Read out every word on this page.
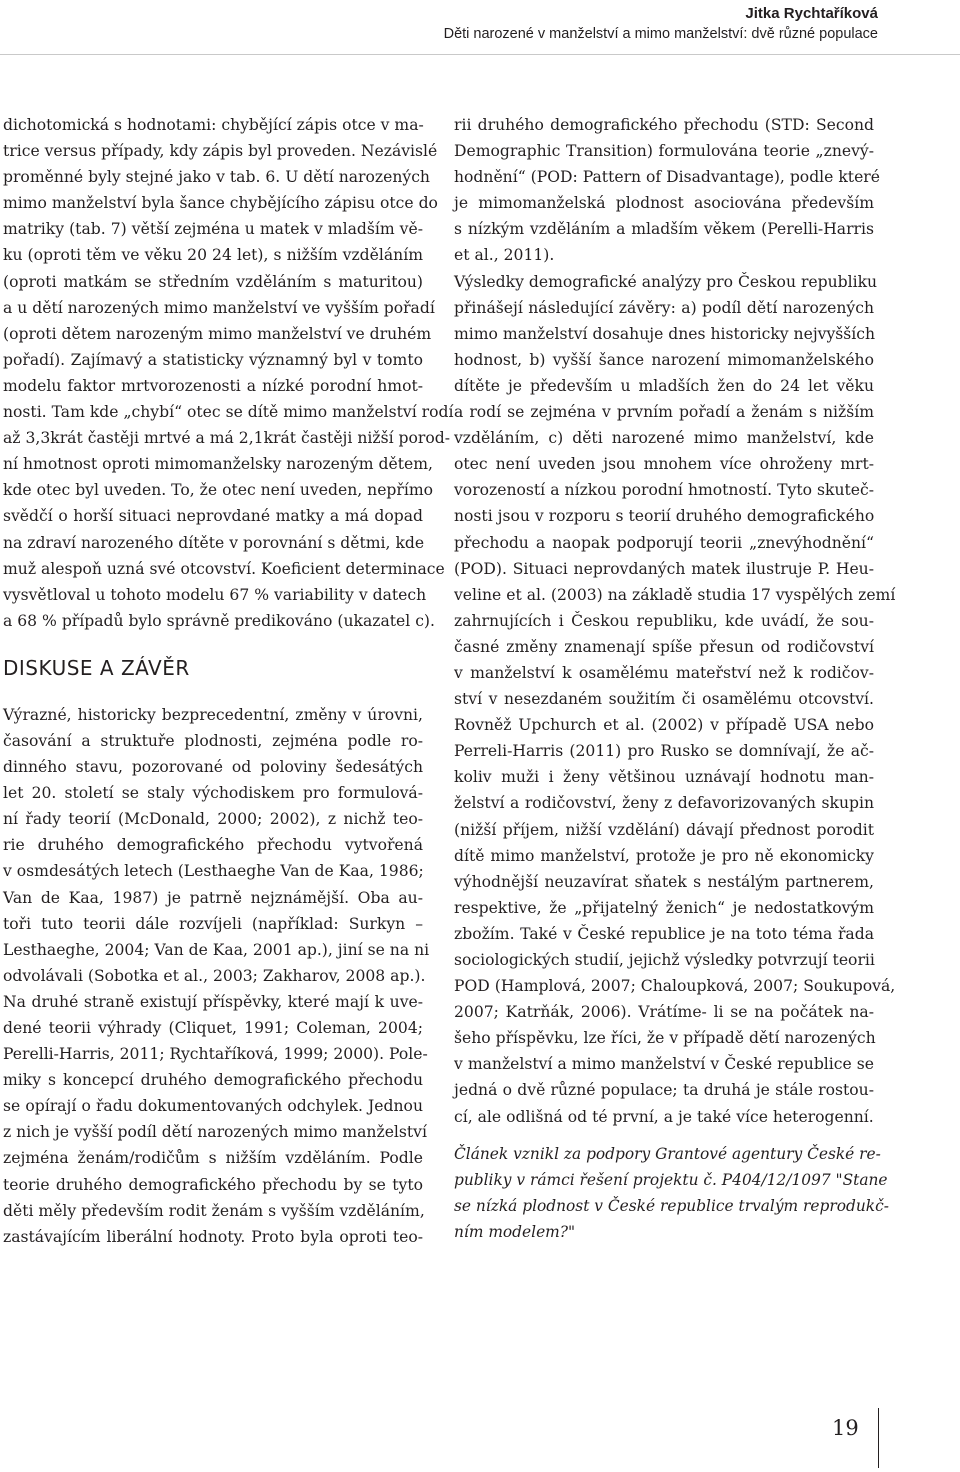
Jitka Rychtaříková
Děti narozené v manželství a mimo manželství: dvě různé populace
dichotomická s hodnotami: chybějící zápis otce v ma-
trice versus případy, kdy zápis byl proveden. Nezávislé
proměnné byly stejné jako v tab. 6. U dětí narozených
mimo manželství byla šance chybějícího zápisu otce do
matriky (tab. 7) větší zejména u matek v mladším vě-
ku (oproti těm ve věku 20 24 let), s nižším vzděláním
(oproti matkám se středním vzděláním s maturitou)
a u dětí narozených mimo manželství ve vyšším pořadí
(oproti dětem narozeným mimo manželství ve druhém
pořadí). Zajímavý a statisticky významný byl v tomto
modelu faktor mrtvorozenosti a nízké porodní hmot-
nosti. Tam kde „chybí“ otec se dítě mimo manželství rodí
až 3,3krát častěji mrtvé a má 2,1krát častěji nižší porod-
ní hmotnost oproti mimomanželsky narozeným dětem,
kde otec byl uveden. To, že otec není uveden, nepřímo
svědčí o horší situaci neprovdané matky a má dopad
na zdraví narozeného dítěte v porovnání s dětmi, kde
muž alespoň uzná své otcovství. Koeficient determinace
vysvětloval u tohoto modelu 67 % variability v datech
a 68 % případů bylo správně predikováno (ukazatel c).
DISKUSE A ZÁVĚR
Výrazné, historicky bezprecedentní, změny v úrovni,
časování a struktuře plodnosti, zejména podle ro-
dinného stavu, pozorované od poloviny šedesátých
let 20. století se staly východiskem pro formulová-
ní řady teorií (McDonald, 2000; 2002), z nichž teo-
rie druhého demografického přechodu vytvořená
v osmdesátých letech (Lesthaeghe Van de Kaa, 1986;
Van de Kaa, 1987) je patrně nejznámější. Oba au-
toři tuto teorii dále rozvíjeli (například: Surkyn –
Lesthaeghe, 2004; Van de Kaa, 2001 ap.), jiní se na ni
odvolávali (Sobotka et al., 2003; Zakharov, 2008 ap.).
Na druhé straně existují příspěvky, které mají k uve-
dené teorii výhrady (Cliquet, 1991; Coleman, 2004;
Perelli-Harris, 2011; Rychtaříková, 1999; 2000). Pole-
miky s koncepcí druhého demografického přechodu
se opírají o řadu dokumentovaných odchylek. Jednou
z nich je vyšší podíl dětí narozených mimo manželství
zejména ženám/rodičům s nižším vzděláním. Podle
teorie druhého demografického přechodu by se tyto
děti měly především rodit ženám s vyšším vzděláním,
zastávajícím liberální hodnoty. Proto byla oproti teo-
rii druhého demografického přechodu (STD: Second
Demographic Transition) formulována teorie „znevý-
hodnění“ (POD: Pattern of Disadvantage), podle které
je mimomanželská plodnost asociována především
s nízkým vzděláním a mladším věkem (Perelli-Harris
et al., 2011).
Výsledky demografické analýzy pro Českou republiku
přinášejí následující závěry: a) podíl dětí narozených
mimo manželství dosahuje dnes historicky nejvyšších
hodnost, b) vyšší šance narození mimomanželského
dítěte je především u mladších žen do 24 let věku
a rodí se zejména v prvním pořadí a ženám s nižším
vzděláním, c) děti narozené mimo manželství, kde
otec není uveden jsou mnohem více ohroženy mrt-
vorozeností a nízkou porodní hmotností. Tyto skuteč-
nosti jsou v rozporu s teorií druhého demografického
přechodu a naopak podporují teorii „znevýhodnění“
(POD). Situaci neprovdaných matek ilustruje P. Heu-
veline et al. (2003) na základě studia 17 vyspělých zemí
zahrnujících i Českou republiku, kde uvádí, že sou-
časné změny znamenají spíše přesun od rodičovství
v manželství k osamělému mateřství než k rodičov-
ství v nesezdaném soužitím či osamělému otcovství.
Rovněž Upchurch et al. (2002) v případě USA nebo
Perreli-Harris (2011) pro Rusko se domnívají, že ač-
koliv muži i ženy většinou uznávají hodnotu man-
želství a rodičovství, ženy z defavorizovaných skupin
(nižší příjem, nižší vzdělání) dávají přednost porodit
dítě mimo manželství, protože je pro ně ekonomicky
výhodnější neuzavírat sňatek s nestálým partnerem,
respektive, že „přijatelný ženich“ je nedostatkovým
zbožím. Také v České republice je na toto téma řada
sociologických studií, jejichž výsledky potvrzují teorii
POD (Hamplová, 2007; Chaloupková, 2007; Soukupová,
2007; Katrňák, 2006). Vrátíme- li se na počátek na-
šeho příspěvku, lze říci, že v případě dětí narozených
v manželství a mimo manželství v České republice se
jedná o dvě různé populace; ta druhá je stále rostou-
cí, ale odlišná od té první, a je také více heterogenní.
Článek vznikl za podpory Grantové agentury České re-
publiky v rámci řešení projektu č. P404/12/1097 "Stane
se nízká plodnost v České republice trvalým reprodukč-
ním modelem?"
19
